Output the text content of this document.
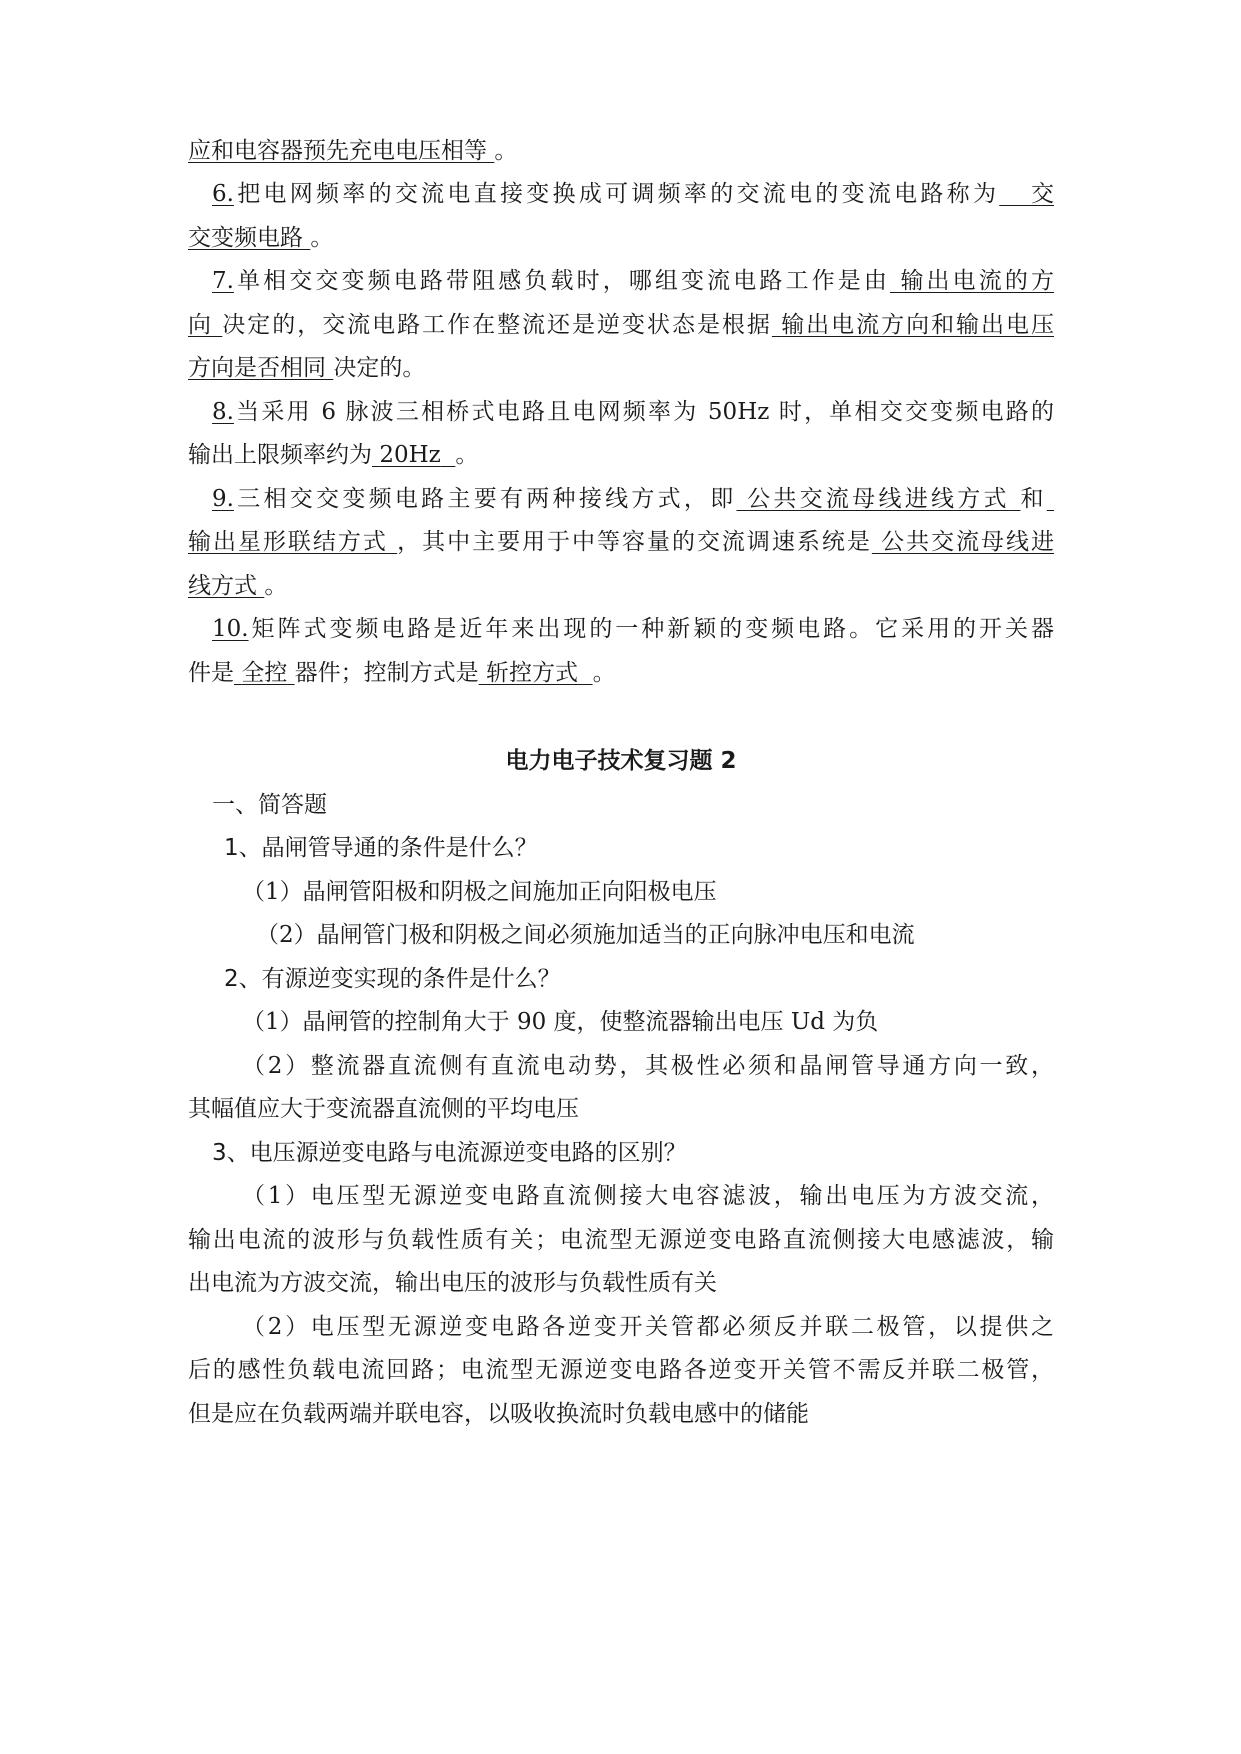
应和电容器预先充电电压相等 。
6.把电网频率的交流电直接变换成可调频率的交流电的变流电路称为 交
交变频电路 。
7.单相交交变频电路带阻感负载时，哪组变流电路工作是由 输出电流的方
向 决定的，交流电路工作在整流还是逆变状态是根据 输出电流方向和输出电压
方向是否相同 决定的。
8.当采用 6 脉波三相桥式电路且电网频率为 50Hz 时，单相交交变频电路的
输出上限频率约为 20Hz 。
9.三相交交变频电路主要有两种接线方式，即 公共交流母线进线方式 和
输出星形联结方式 ，其中主要用于中等容量的交流调速系统是 公共交流母线进
线方式 。
10.矩阵式变频电路是近年来出现的一种新颖的变频电路。它采用的开关器
件是 全控 器件；控制方式是 斩控方式 。
电力电子技术复习题 2
一、简答题
1、晶闸管导通的条件是什么？
（1）晶闸管阳极和阴极之间施加正向阳极电压
（2）晶闸管门极和阴极之间必须施加适当的正向脉冲电压和电流
2、有源逆变实现的条件是什么？
（1）晶闸管的控制角大于 90 度，使整流器输出电压 Ud 为负
（2）整流器直流侧有直流电动势，其极性必须和晶闸管导通方向一致，
其幅值应大于变流器直流侧的平均电压
3、电压源逆变电路与电流源逆变电路的区别？
（1）电压型无源逆变电路直流侧接大电容滤波，输出电压为方波交流，
输出电流的波形与负载性质有关；电流型无源逆变电路直流侧接大电感滤波，输
出电流为方波交流，输出电压的波形与负载性质有关
（2）电压型无源逆变电路各逆变开关管都必须反并联二极管，以提供之
后的感性负载电流回路；电流型无源逆变电路各逆变开关管不需反并联二极管，
但是应在负载两端并联电容，以吸收换流时负载电感中的储能
